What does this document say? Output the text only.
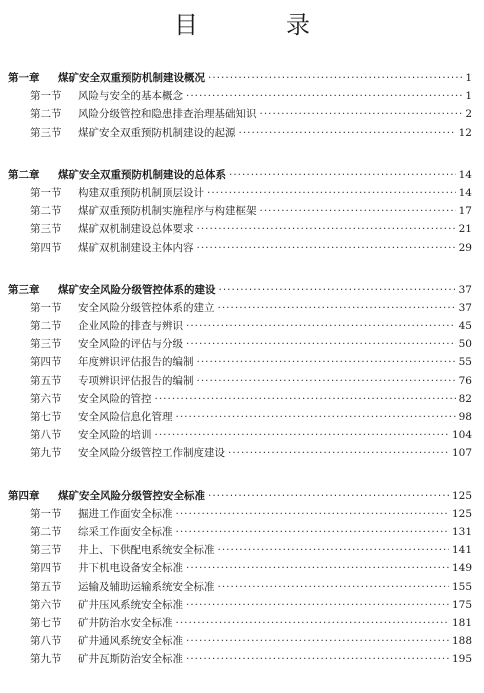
目　录
第一章	煤矿安全双重预防机制建设概况 ·····	1
第一节	风险与安全的基本概念 ·····	1
第二节	风险分级管控和隐患排查治理基础知识 ·····	2
第三节	煤矿安全双重预防机制建设的起源 ·····	12
第二章	煤矿安全双重预防机制建设的总体系 ·····	14
第一节	构建双重预防机制顶层设计 ·····	14
第二节	煤矿双重预防机制实施程序与构建框架 ·····	17
第三节	煤矿双机制建设总体要求 ·····	21
第四节	煤矿双机制建设主体内容 ·····	29
第三章	煤矿安全风险分级管控体系的建设 ·····	37
第一节	安全风险分级管控体系的建立 ·····	37
第二节	企业风险的排查与辨识 ·····	45
第三节	安全风险的评估与分级 ·····	50
第四节	年度辨识评估报告的编制 ·····	55
第五节	专项辨识评估报告的编制 ·····	76
第六节	安全风险的管控 ·····	82
第七节	安全风险信息化管理 ·····	98
第八节	安全风险的培训 ·····	104
第九节	安全风险分级管控工作制度建设 ·····	107
第四章	煤矿安全风险分级管控安全标准 ·····	125
第一节	掘进工作面安全标准 ·····	125
第二节	综采工作面安全标准 ·····	131
第三节	井上、下供配电系统安全标准 ·····	141
第四节	井下机电设备安全标准 ·····	149
第五节	运输及辅助运输系统安全标准 ·····	155
第六节	矿井压风系统安全标准 ·····	175
第七节	矿井防治水安全标准 ·····	181
第八节	矿井通风系统安全标准 ·····	188
第九节	矿井瓦斯防治安全标准 ·····	195
